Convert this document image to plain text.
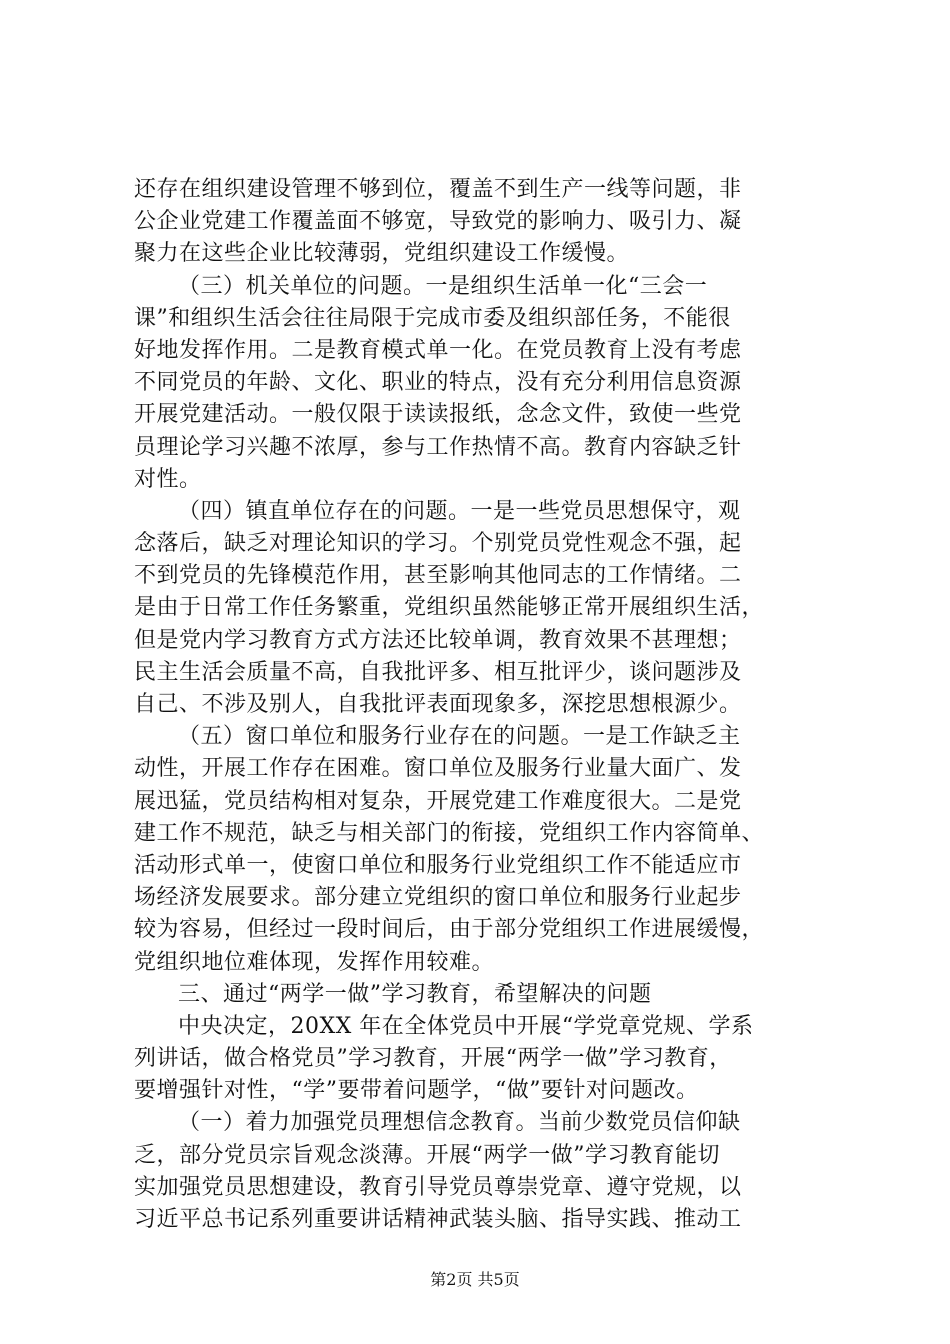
还存在组织建设管理不够到位，覆盖不到生产一线等问题，非
公企业党建工作覆盖面不够宽，导致党的影响力、吸引力、凝
聚力在这些企业比较薄弱，党组织建设工作缓慢。
（三）机关单位的问题。一是组织生活单一化“三会一
课”和组织生活会往往局限于完成市委及组织部任务，不能很
好地发挥作用。二是教育模式单一化。在党员教育上没有考虑
不同党员的年龄、文化、职业的特点，没有充分利用信息资源
开展党建活动。一般仅限于读读报纸，念念文件，致使一些党
员理论学习兴趣不浓厚，参与工作热情不高。教育内容缺乏针
对性。
（四）镇直单位存在的问题。一是一些党员思想保守，观
念落后，缺乏对理论知识的学习。个别党员党性观念不强，起
不到党员的先锋模范作用，甚至影响其他同志的工作情绪。二
是由于日常工作任务繁重，党组织虽然能够正常开展组织生活，
但是党内学习教育方式方法还比较单调，教育效果不甚理想；
民主生活会质量不高，自我批评多、相互批评少，谈问题涉及
自己、不涉及别人，自我批评表面现象多，深挖思想根源少。
（五）窗口单位和服务行业存在的问题。一是工作缺乏主
动性，开展工作存在困难。窗口单位及服务行业量大面广、发
展迅猛，党员结构相对复杂，开展党建工作难度很大。二是党
建工作不规范，缺乏与相关部门的衔接，党组织工作内容简单、
活动形式单一，使窗口单位和服务行业党组织工作不能适应市
场经济发展要求。部分建立党组织的窗口单位和服务行业起步
较为容易，但经过一段时间后，由于部分党组织工作进展缓慢，
党组织地位难体现，发挥作用较难。
三、通过“两学一做”学习教育，希望解决的问题
中央决定，20XX 年在全体党员中开展“学党章党规、学系
列讲话，做合格党员”学习教育，开展“两学一做”学习教育，
要增强针对性，“学”要带着问题学，“做”要针对问题改。
（一）着力加强党员理想信念教育。当前少数党员信仰缺
乏，部分党员宗旨观念淡薄。开展“两学一做”学习教育能切
实加强党员思想建设，教育引导党员尊崇党章、遵守党规，以
习近平总书记系列重要讲话精神武装头脑、指导实践、推动工
第2页 共5页
